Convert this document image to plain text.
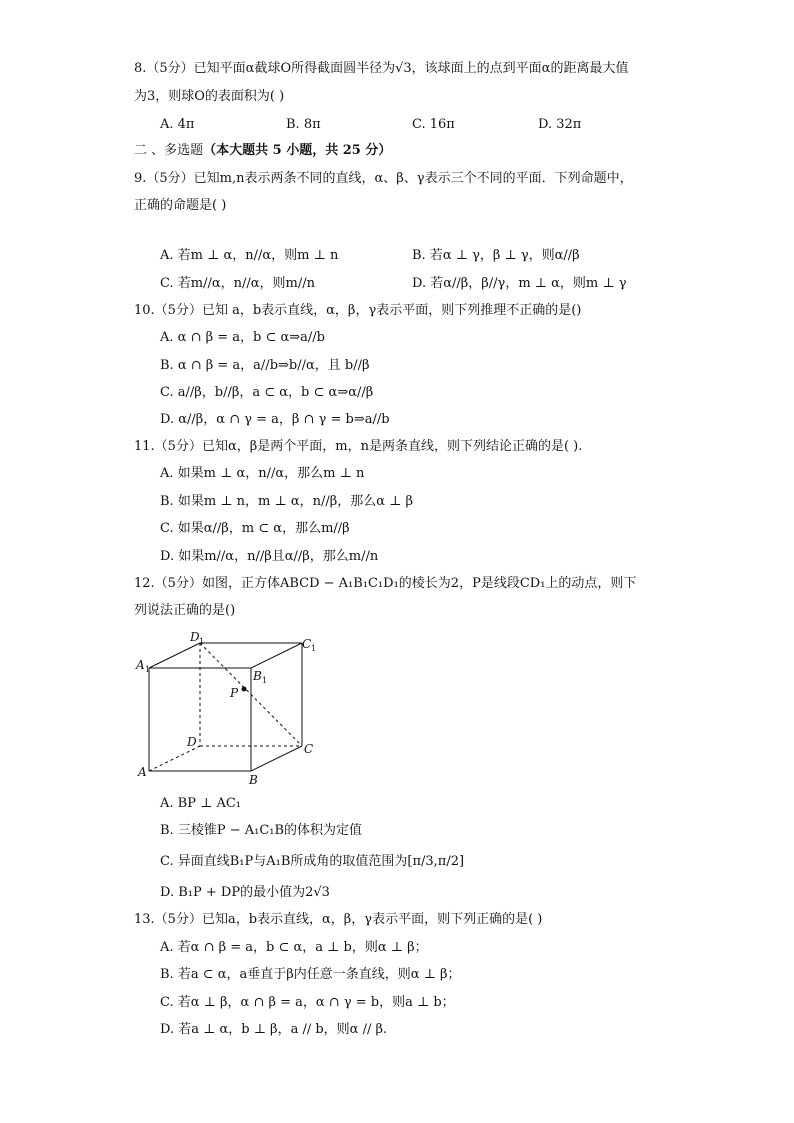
8.（5分）已知平面α截球O所得截面圆半径为√3，该球面上的点到平面α的距离最大值
为3，则球O的表面积为( )
A. 4π	B. 8π	C. 16π	D. 32π
二 、多选题（本大题共 5 小题，共 25 分）
9.（5分）已知m,n表示两条不同的直线，α、β、γ表示三个不同的平面．下列命题中，
正确的命题是( )
A. 若m ⊥ α，n//α，则m ⊥ n	B. 若α ⊥ γ，β ⊥ γ，则α//β
C. 若m//α，n//α，则m//n	D. 若α//β，β//γ，m ⊥ α，则m ⊥ γ
10.（5分）已知 a，b表示直线，α，β，γ表示平面，则下列推理不正确的是()
A. α ∩ β = a，b ⊂ α⇒a//b
B. α ∩ β = a，a//b⇒b//α，且 b//β
C. a//β，b//β，a ⊂ α，b ⊂ α⇒α//β
D. α//β，α ∩ γ = a，β ∩ γ = b⇒a//b
11.（5分）已知α，β是两个平面，m，n是两条直线，则下列结论正确的是( ).
A. 如果m ⊥ α，n//α，那么m ⊥ n
B. 如果m ⊥ n，m ⊥ α，n//β，那么α ⊥ β
C. 如果α//β，m ⊂ α，那么m//β
D. 如果m//α，n//β且α//β，那么m//n
12.（5分）如图，正方体ABCD − A₁B₁C₁D₁的棱长为2，P是线段CD₁上的动点，则下
列说法正确的是()
A 1
D 1	C 1
B 1
P
D	C
A
B
A. BP ⊥ AC₁
B. 三棱锥P − A₁C₁B的体积为定值
C. 异面直线B₁P与A₁B所成角的取值范围为[π/3,π/2]
D. B₁P + DP的最小值为2√3
13.（5分）已知a，b表示直线，α，β，γ表示平面，则下列正确的是( )
A. 若α ∩ β = a，b ⊂ α，a ⊥ b，则α ⊥ β；
B. 若a ⊂ α，a垂直于β内任意一条直线，则α ⊥ β；
C. 若α ⊥ β，α ∩ β = a，α ∩ γ = b，则a ⊥ b；
D. 若a ⊥ α，b ⊥ β，a // b，则α // β.
